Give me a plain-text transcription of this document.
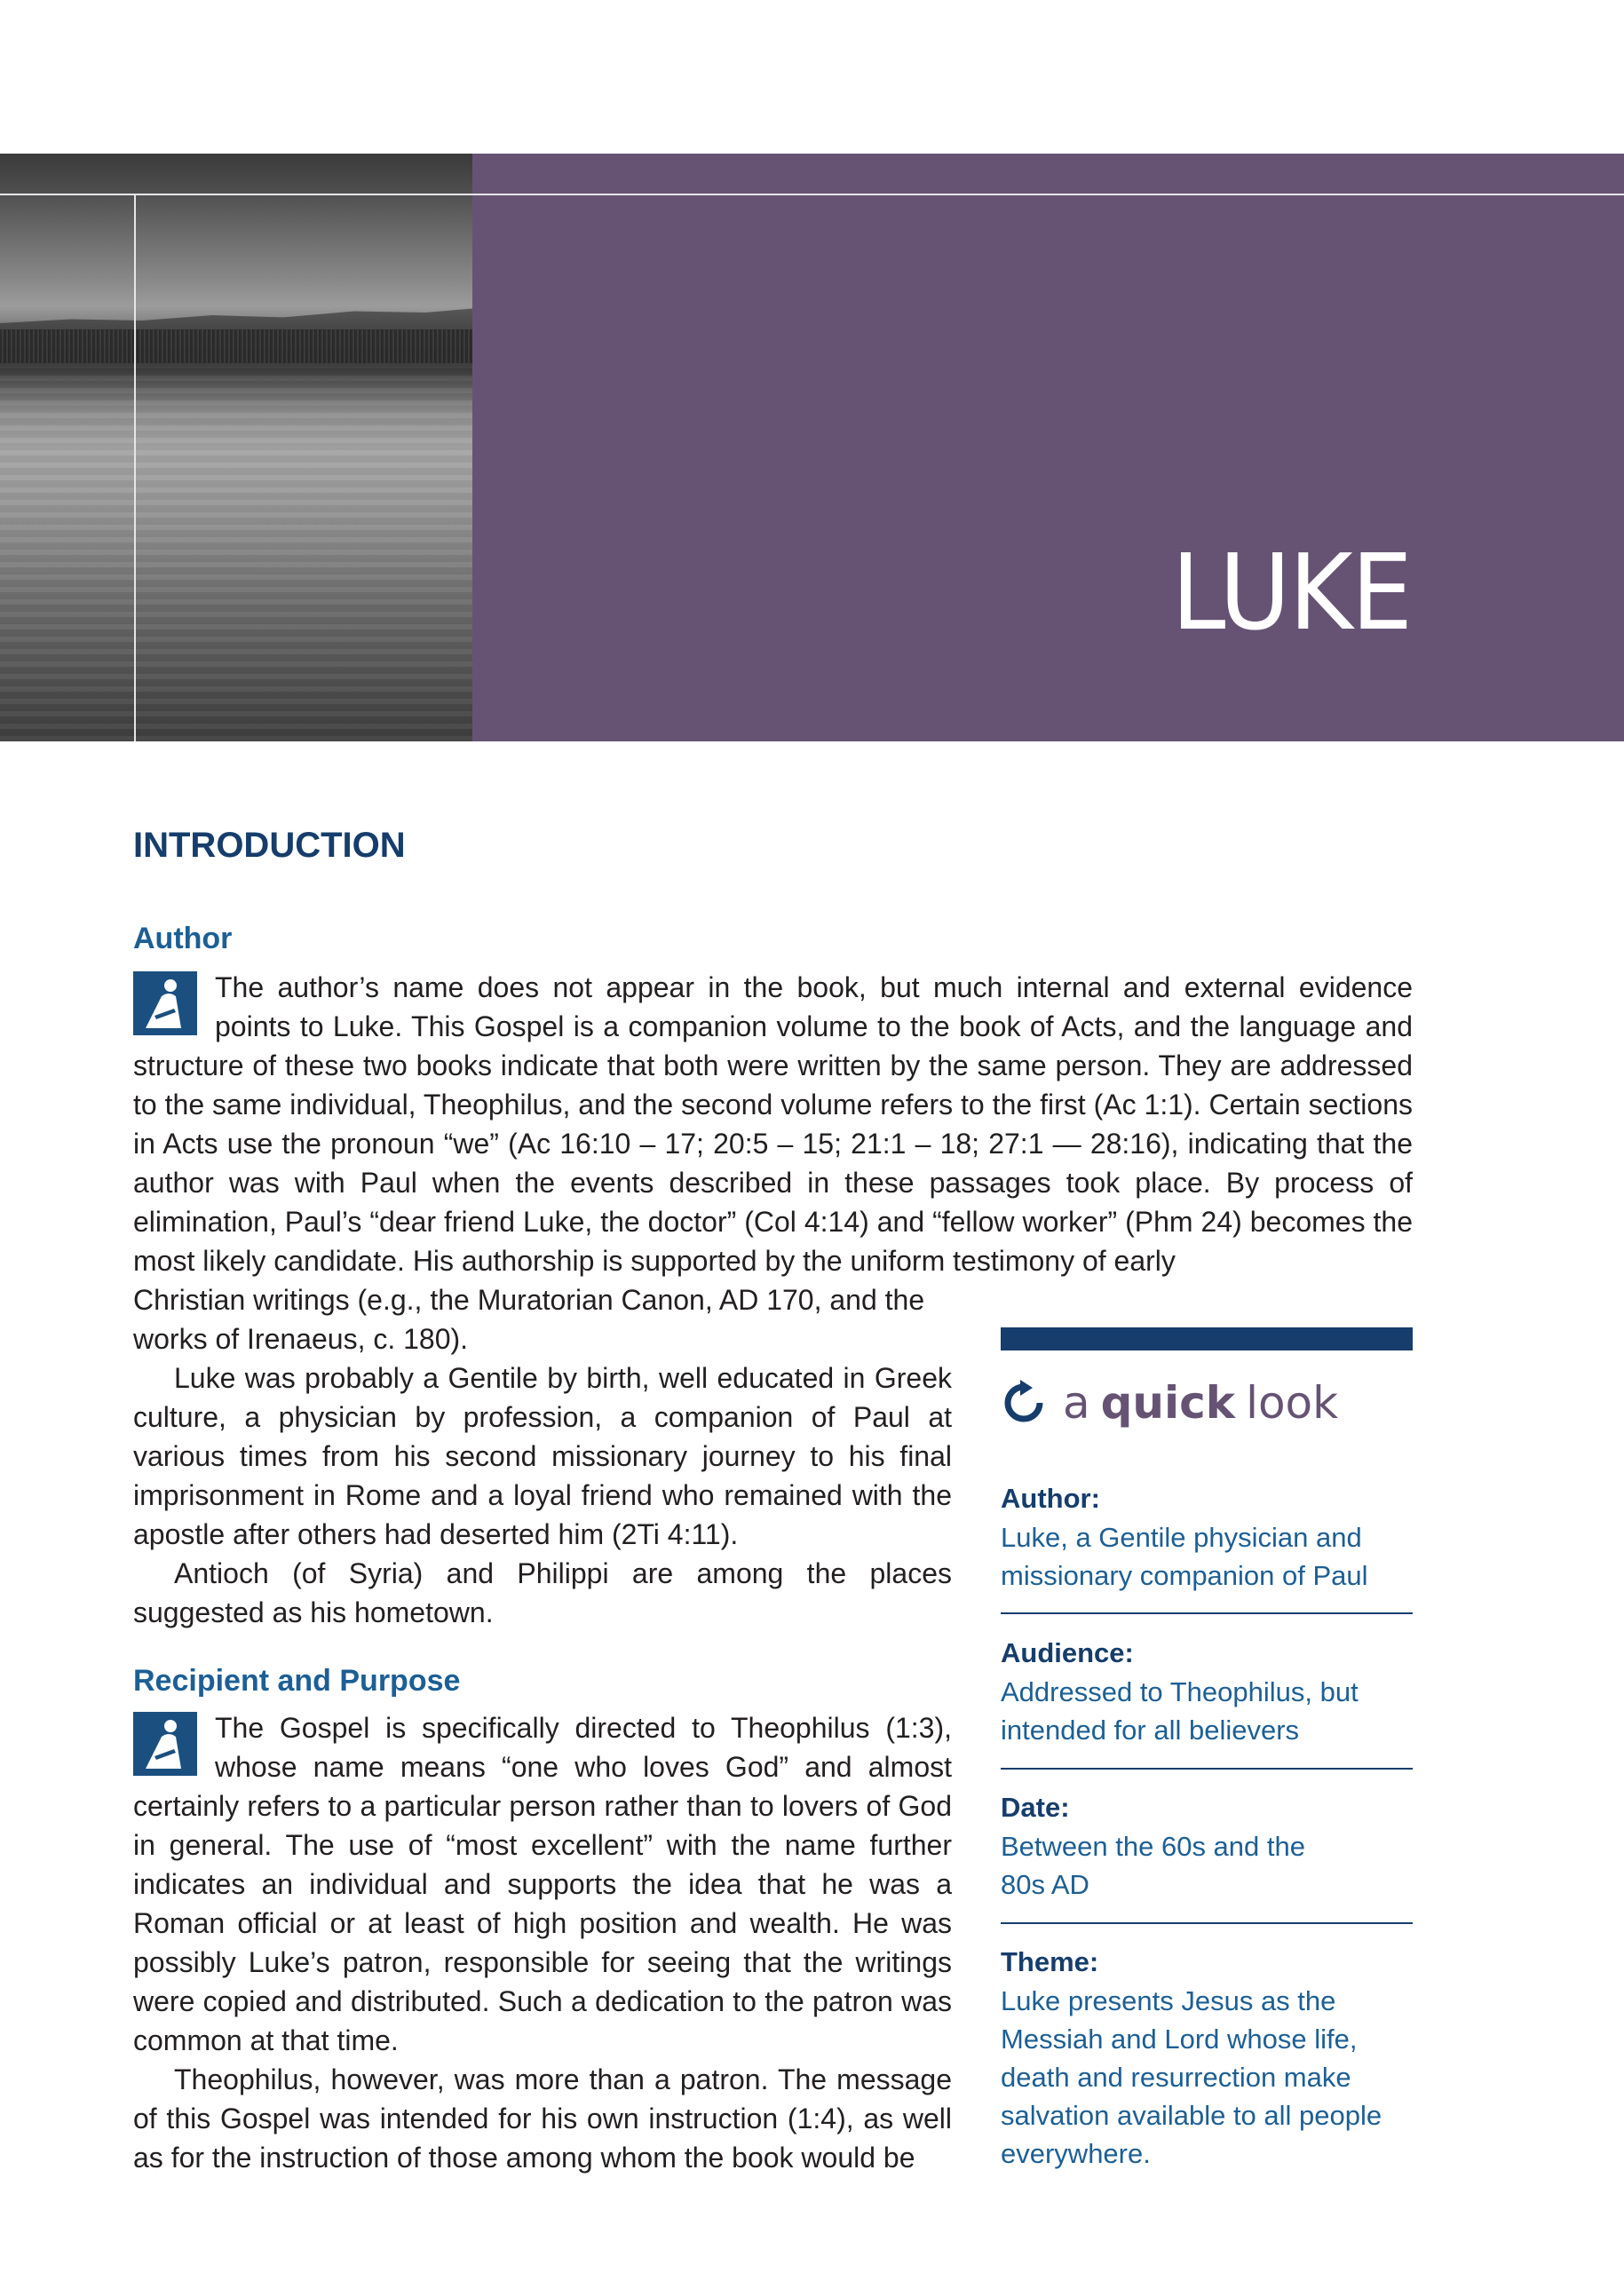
LUKE
INTRODUCTION
Author

The author’s name does not appear in the book, but much internal and external evidence points to Luke. This Gospel is a companion volume to the book of Acts, and the language and structure of these two books indicate that both were written by the same person. They are addressed to the same individual, Theophilus, and the second volume refers to the first (Ac 1:1). Certain sections in Acts use the pronoun “we” (Ac 16:10 – 17; 20:5 – 15; 21:1 – 18; 27:1 — 28:16), indicating that the author was with Paul when the events described in these passages took place. By process of elimination, Paul’s “dear friend Luke, the doctor” (Col 4:14) and “fellow worker” (Phm 24) becomes the most likely candidate. His authorship is supported by the uniform testimony of early

Christian writings (e.g., the Muratorian Canon, AD 170, and the works of Irenaeus, c. 180).

Luke was probably a Gentile by birth, well educated in Greek culture, a physician by profession, a companion of Paul at various times from his second missionary journey to his final imprisonment in Rome and a loyal friend who remained with the apostle after others had deserted him (2Ti 4:11).

Antioch (of Syria) and Philippi are among the places suggested as his hometown.

Recipient and Purpose

The Gospel is specifically directed to Theophilus (1:3), whose name means “one who loves God” and almost certainly refers to a particular person rather than to lovers of God in general. The use of “most excellent” with the name further indicates an individual and supports the idea that he was a Roman official or at least of high position and wealth. He was possibly Luke’s patron, responsible for seeing that the writings were copied and distributed. Such a dedication to the patron was common at that time.

Theophilus, however, was more than a patron. The message of this Gospel was intended for his own instruction (1:4), as well as for the instruction of those among whom the book would be

a quick look
Author:
Luke, a Gentile physician and
missionary companion of Paul
Audience:
Addressed to Theophilus, but
intended for all believers
Date:
Between the 60s and the
80s AD
Theme:
Luke presents Jesus as the
Messiah and Lord whose life,
death and resurrection make
salvation available to all people
everywhere.
